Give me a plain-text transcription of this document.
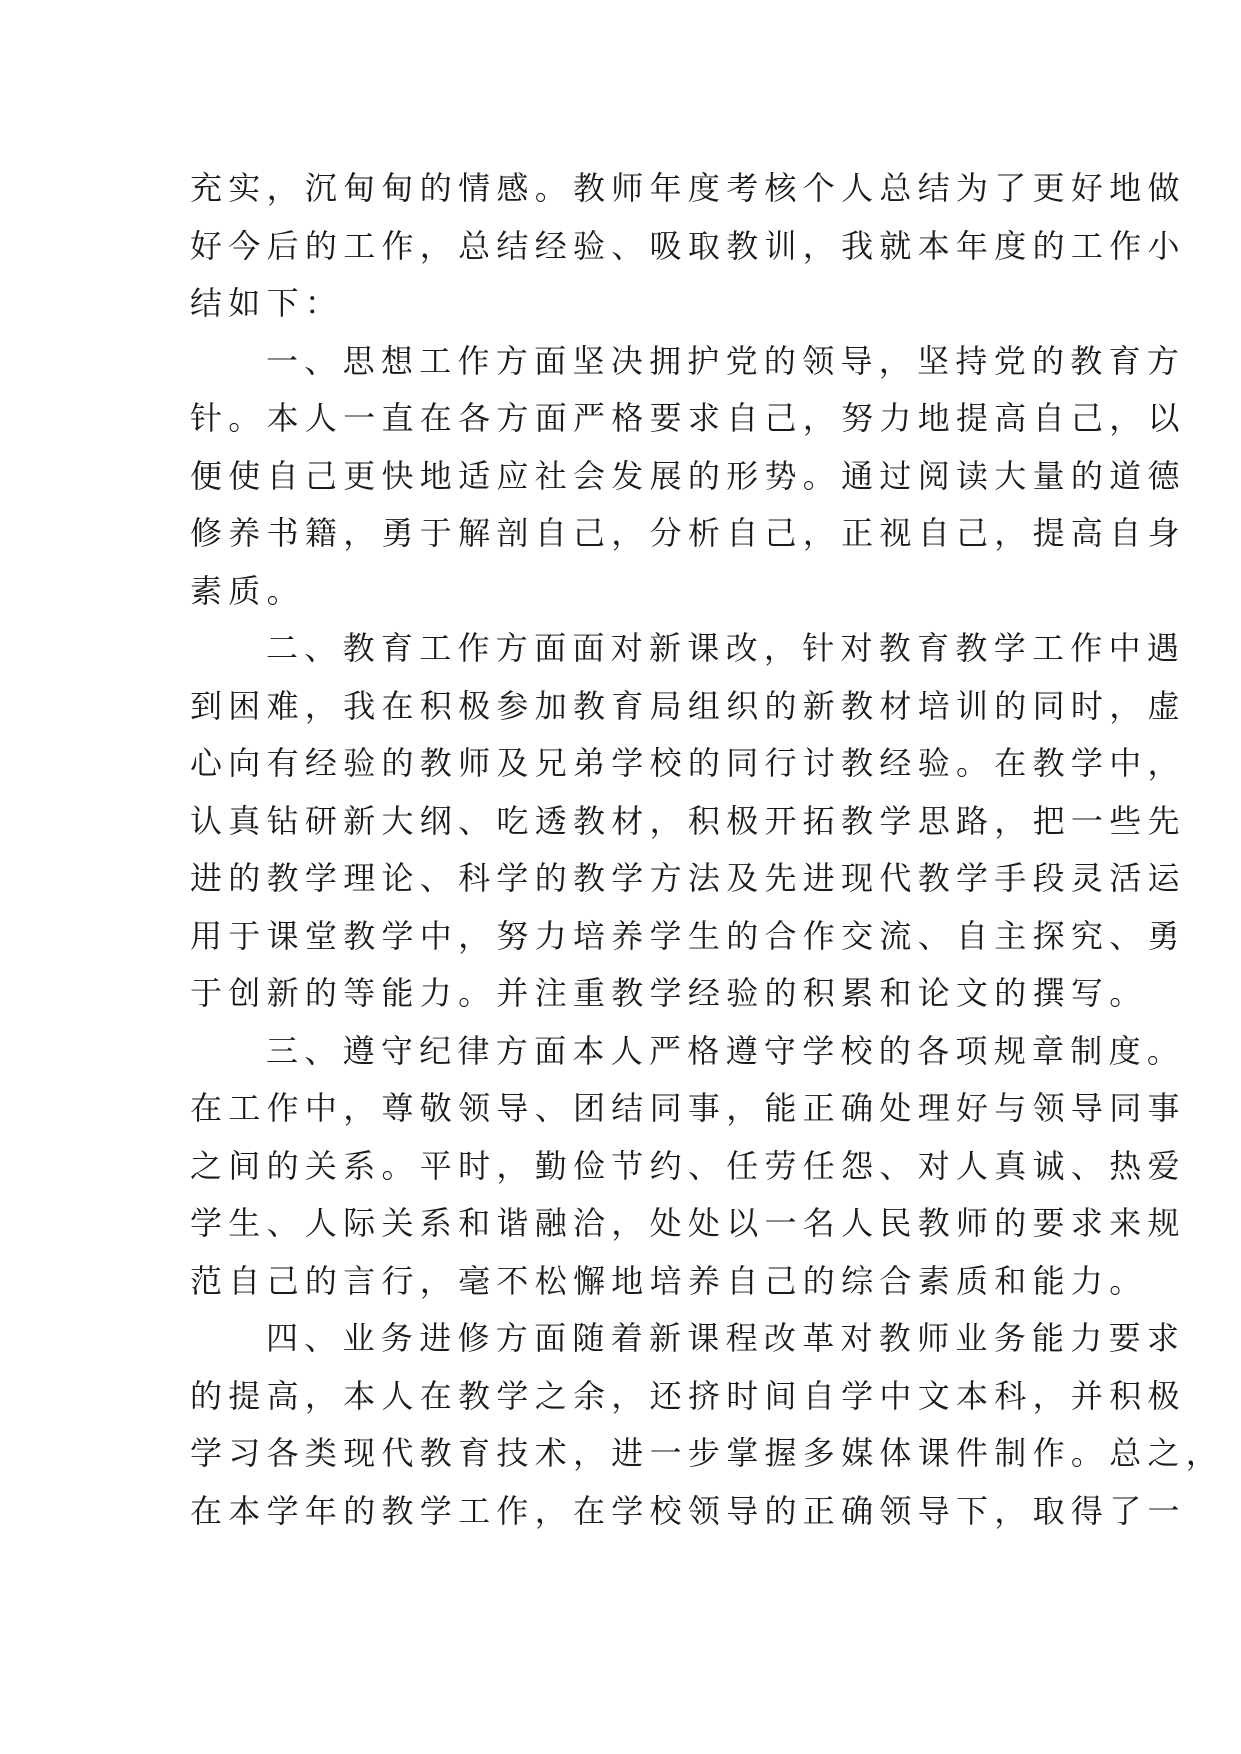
充实，沉甸甸的情感。教师年度考核个人总结为了更好地做
好今后的工作，总结经验、吸取教训，我就本年度的工作小
结如下：
一、思想工作方面坚决拥护党的领导，坚持党的教育方
针。本人一直在各方面严格要求自己，努力地提高自己，以
便使自己更快地适应社会发展的形势。通过阅读大量的道德
修养书籍，勇于解剖自己，分析自己，正视自己，提高自身
素质。
二、教育工作方面面对新课改，针对教育教学工作中遇
到困难，我在积极参加教育局组织的新教材培训的同时，虚
心向有经验的教师及兄弟学校的同行讨教经验。在教学中，
认真钻研新大纲、吃透教材，积极开拓教学思路，把一些先
进的教学理论、科学的教学方法及先进现代教学手段灵活运
用于课堂教学中，努力培养学生的合作交流、自主探究、勇
于创新的等能力。并注重教学经验的积累和论文的撰写。
三、遵守纪律方面本人严格遵守学校的各项规章制度。
在工作中，尊敬领导、团结同事，能正确处理好与领导同事
之间的关系。平时，勤俭节约、任劳任怨、对人真诚、热爱
学生、人际关系和谐融洽，处处以一名人民教师的要求来规
范自己的言行，毫不松懈地培养自己的综合素质和能力。
四、业务进修方面随着新课程改革对教师业务能力要求
的提高，本人在教学之余，还挤时间自学中文本科，并积极
学习各类现代教育技术，进一步掌握多媒体课件制作。总之，
在本学年的教学工作，在学校领导的正确领导下，取得了一
